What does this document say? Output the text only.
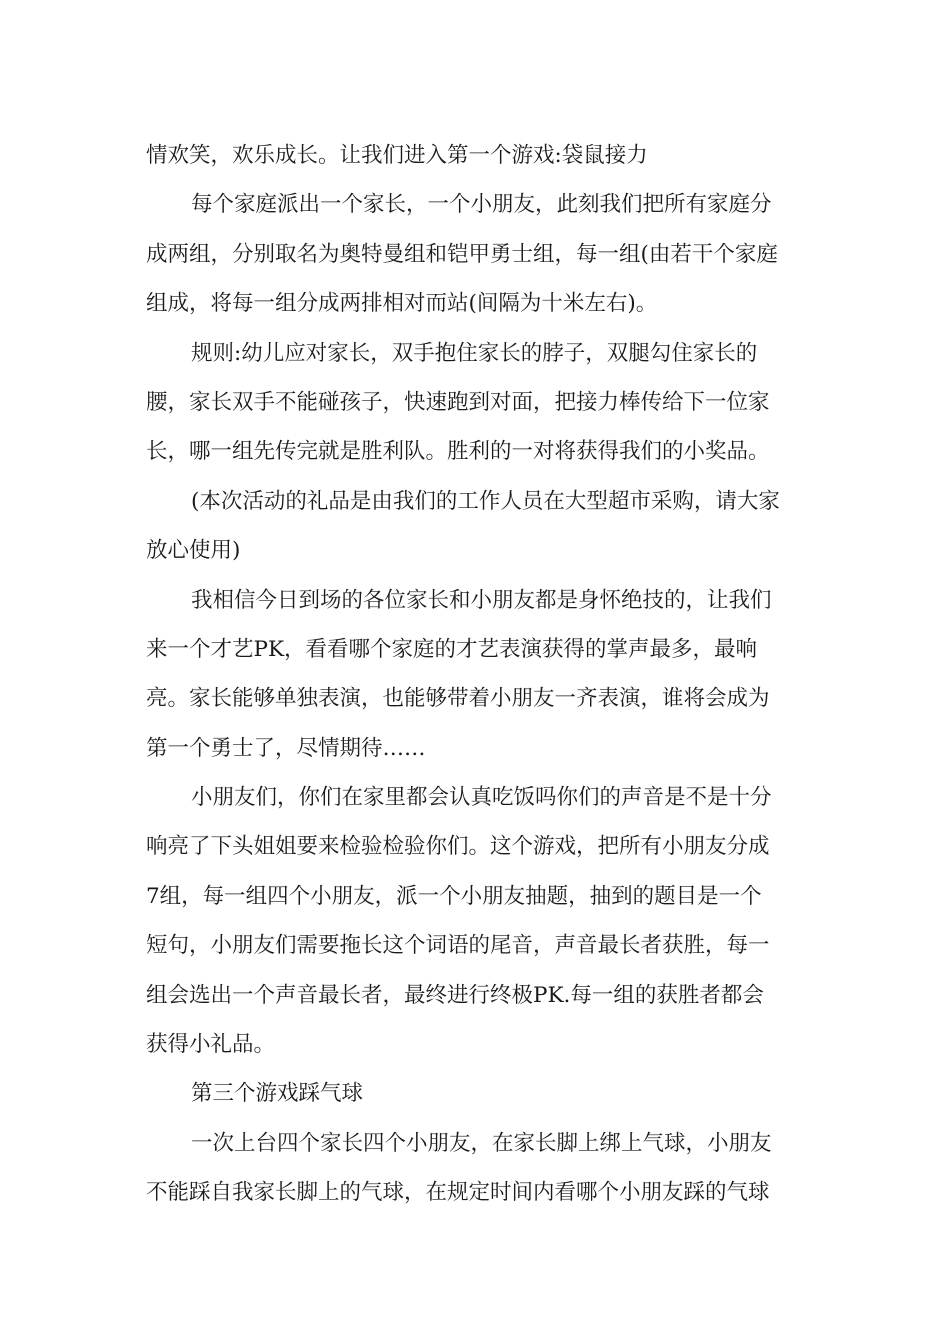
情欢笑，欢乐成长。让我们进入第一个游戏:袋鼠接力
每个家庭派出一个家长，一个小朋友，此刻我们把所有家庭分
成两组，分别取名为奥特曼组和铠甲勇士组，每一组(由若干个家庭
组成，将每一组分成两排相对而站(间隔为十米左右)。
规则:幼儿应对家长，双手抱住家长的脖子，双腿勾住家长的
腰，家长双手不能碰孩子，快速跑到对面，把接力棒传给下一位家
长，哪一组先传完就是胜利队。胜利的一对将获得我们的小奖品。
(本次活动的礼品是由我们的工作人员在大型超市采购，请大家
放心使用)
我相信今日到场的各位家长和小朋友都是身怀绝技的，让我们
来一个才艺PK，看看哪个家庭的才艺表演获得的掌声最多，最响
亮。家长能够单独表演，也能够带着小朋友一齐表演，谁将会成为
第一个勇士了，尽情期待……
小朋友们，你们在家里都会认真吃饭吗你们的声音是不是十分
响亮了下头姐姐要来检验检验你们。这个游戏，把所有小朋友分成
7组，每一组四个小朋友，派一个小朋友抽题，抽到的题目是一个
短句，小朋友们需要拖长这个词语的尾音，声音最长者获胜，每一
组会选出一个声音最长者，最终进行终极PK.每一组的获胜者都会
获得小礼品。
第三个游戏踩气球
一次上台四个家长四个小朋友，在家长脚上绑上气球，小朋友
不能踩自我家长脚上的气球，在规定时间内看哪个小朋友踩的气球
